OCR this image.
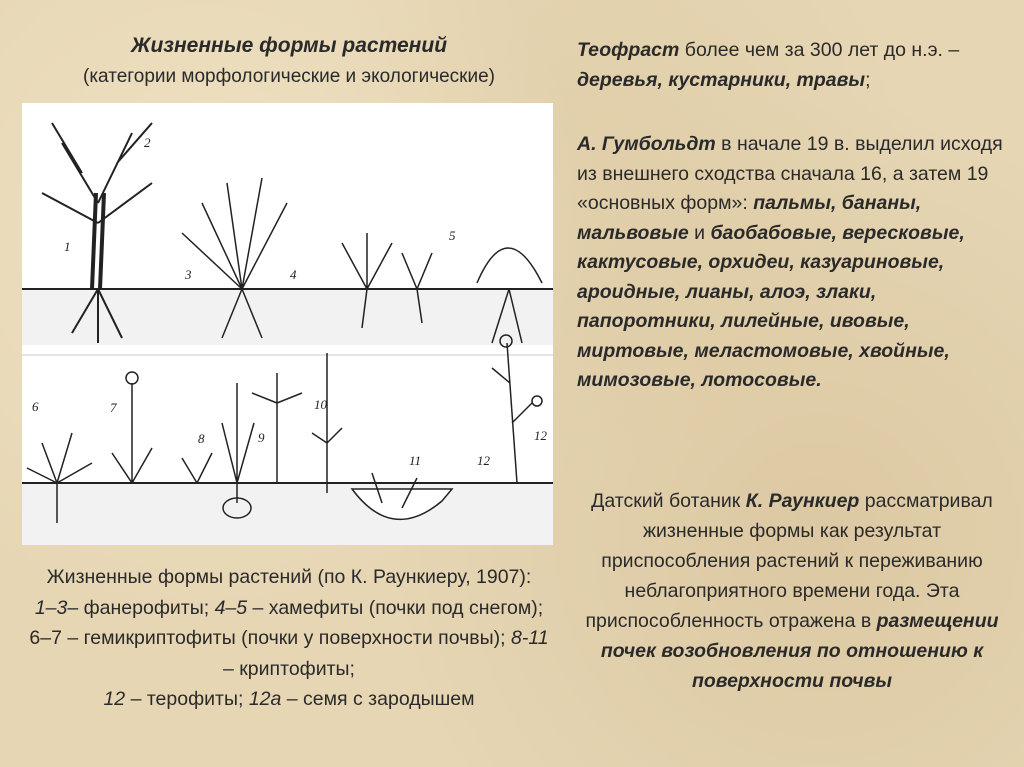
Жизненные формы растений
(категории морфологические и экологические)
1
2
3	4
5
6	7
8	9
10
11
12
12
Жизненные формы растений (по К. Раункиеру, 1907):
1–3– фанерофиты; 4–5 – хамефиты (почки под снегом); 6–7 – гемикриптофиты (почки у поверхности почвы); 8-11 – криптофиты;
12 – терофиты; 12а – семя с зародышем
Теофраст более чем за 300 лет до н.э. – деревья, кустарники, травы;
А. Гумбольдт в начале 19 в. выделил исходя из внешнего сходства сначала 16, а затем 19 «основных форм»: пальмы, бананы, мальвовые и баобабовые, вересковые, кактусовые, орхидеи, казуариновые, ароидные, лианы, алоэ, злаки, папоротники, лилейные, ивовые, миртовые, меластомовые, хвойные, мимозовые, лотосовые.
Датский ботаник К. Раункиер рассматривал жизненные формы как результат приспособления растений к переживанию неблагоприятного времени года. Эта приспособленность отражена в размещении почек возобновления по отношению к поверхности почвы
